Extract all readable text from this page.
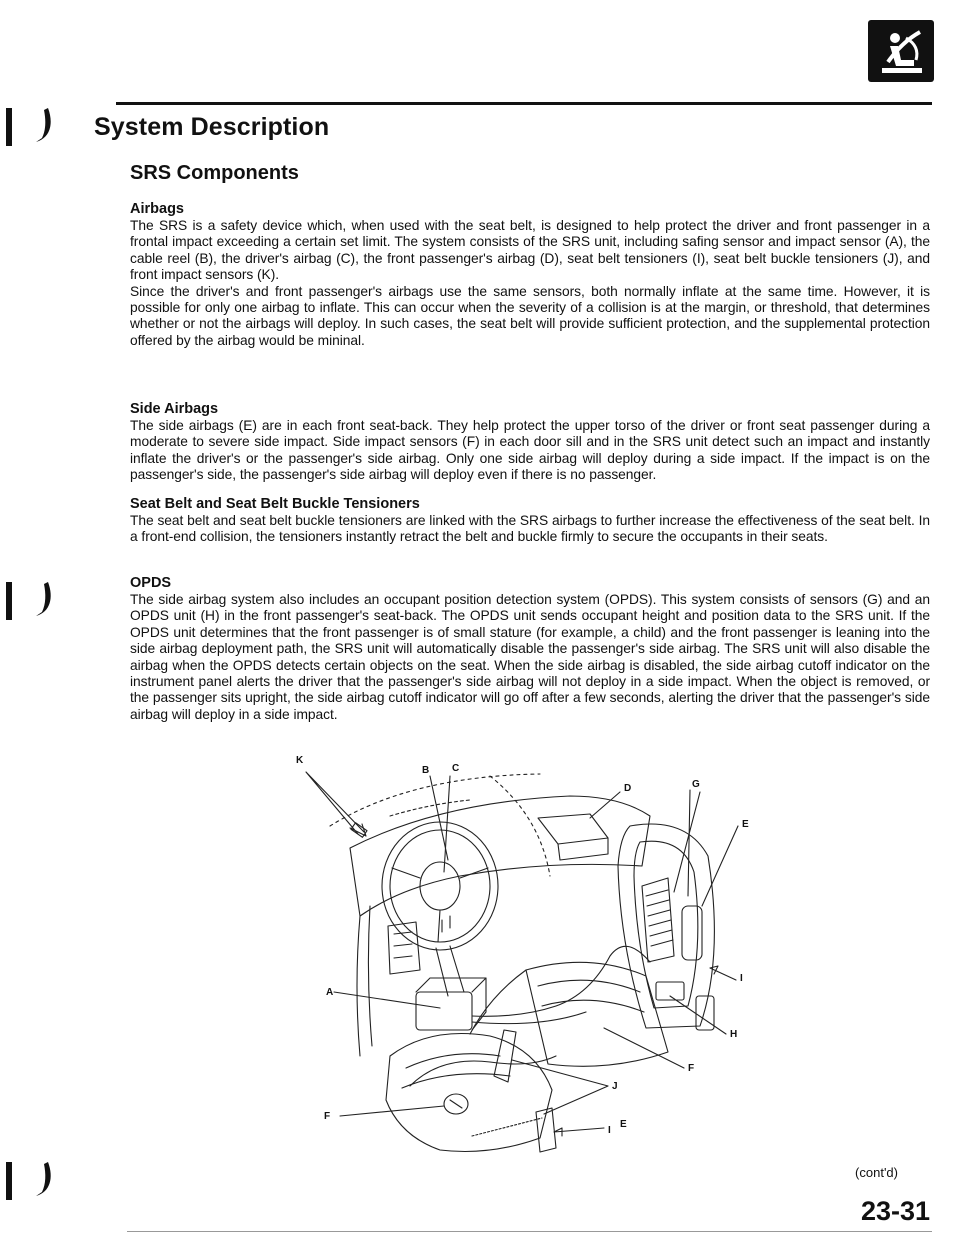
System Description
SRS Components
Airbags

The SRS is a safety device which, when used with the seat belt, is designed to help protect the driver and front passenger in a frontal impact exceeding a certain set limit. The system consists of the SRS unit, including safing sensor and impact sensor (A), the cable reel (B), the driver's airbag (C), the front passenger's airbag (D), seat belt tensioners (I), seat belt buckle tensioners (J), and front impact sensors (K).

Since the driver's and front passenger's airbags use the same sensors, both normally inflate at the same time. However, it is possible for only one airbag to inflate. This can occur when the severity of a collision is at the margin, or threshold, that determines whether or not the airbags will deploy. In such cases, the seat belt will provide sufficient protection, and the supplemental protection offered by the airbag would be mininal.

Side Airbags

The side airbags (E) are in each front seat-back. They help protect the upper torso of the driver or front seat passenger during a moderate to severe side impact. Side impact sensors (F) in each door sill and in the SRS unit detect such an impact and instantly inflate the driver's or the passenger's side airbag. Only one side airbag will deploy during a side impact. If the impact is on the passenger's side, the passenger's side airbag will deploy even if there is no passenger.

Seat Belt and Seat Belt Buckle Tensioners

The seat belt and seat belt buckle tensioners are linked with the SRS airbags to further increase the effectiveness of the seat belt. In a front-end collision, the tensioners instantly retract the belt and buckle firmly to secure the occupants in their seats.

OPDS

The side airbag system also includes an occupant position detection system (OPDS). This system consists of sensors (G) and an OPDS unit (H) in the front passenger's seat-back. The OPDS unit sends occupant height and position data to the SRS unit. If the OPDS unit determines that the front passenger is of small stature (for example, a child) and the front passenger is leaning into the side airbag deployment path, the SRS unit will automatically disable the passenger's side airbag. The SRS unit will also disable the airbag when the OPDS detects certain objects on the seat. When the side airbag is disabled, the side airbag cutoff indicator on the instrument panel alerts the driver that the passenger's side airbag will not deploy in a side impact. When the object is removed, or the passenger sits upright, the side airbag cutoff indicator will go off after a few seconds, alerting the driver that the passenger's side airbag will deploy in a side impact.

K
B C
D	G
E
I
H
F
A
J
E
F
I
(cont'd)
23-31
